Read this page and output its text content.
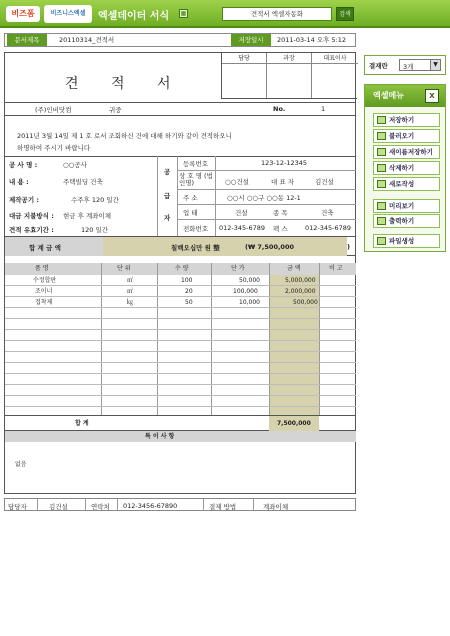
비즈폼	비즈니스엑셀	엑셀데이터 서식 ▦	견적서 엑셀자동화	검색
문서제목	20110314_견적서	저장일시	2011-03-14 오후 5:12
견 적 서
담당	과장	대표이사
(주)인비닷컴	귀중	No.	1
2011년 3월 14일 제 1 호 로서 조회하신 건에 대해 하기와 같이 견적하오니
하명하여 주시기 바랍니다
공 사 명 :	○○공사
내 용 :	주택빌딩 건축
제작공기 :	수주후 120 일간
대금 지불방식 : 현금 후 계좌이체
견적 유효기간 :	120 일간
공
급
자
등록번호	123-12-12345
상 호 명 (법인명)	○○건설	대 표 자	김건설
주 소	○○시 ○○구 ○○동 12-1
업 태	건설	종 목	건축
전화번호 012-345-6789 팩 스	012-345-6789
합 계 금 액	칠백오십만 원 整	(₩ 7,500,000	)
품 명	단 위	수 량	단 가	금 액	비 고
수정합판	㎡	100	50,000	5,000,000
조이너	㎡	20	100,000	2,000,000
접착제	㎏	50	10,000	500,000
합 계	7,500,000
특 이 사 항
없음
담당자	김건설	연락처 012-3456-67890	결제 방법	계좌이체
결재란 3개	▼
엑셀메뉴	X
저장하기
불러오기
새이름저장하기
삭제하기
새로작성
미리보기
출력하기
파일생성
